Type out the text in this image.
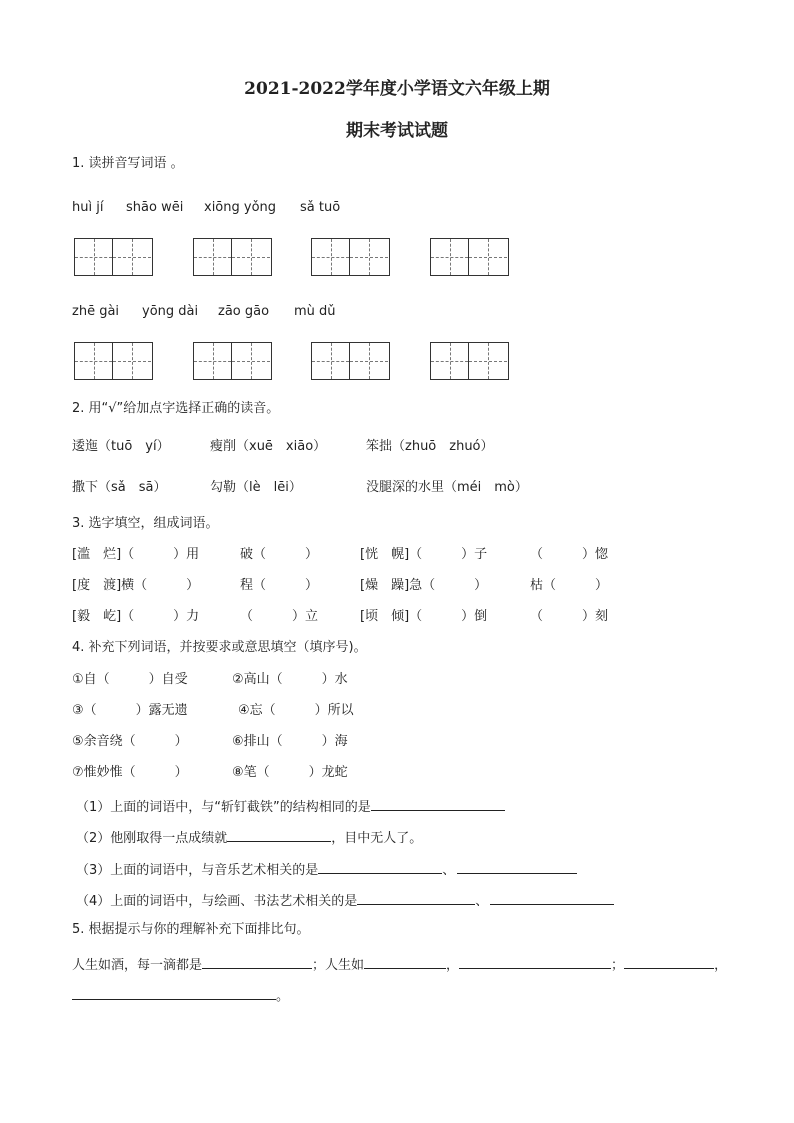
2021-2022学年度小学语文六年级上期
期末考试试题
1. 读拼音写词语 。
huì jí shāo wēi xiōng yǒng sǎ tuō
zhē gài yōng dài zāo gāo mù dǔ
2. 用“√”给加点字选择正确的读音。
逶迤（tuō　yí）	瘦削（xuē　xiāo）	笨拙（zhuō　zhuó）
撒下（sǎ　sā）	勾勒（lè　lēi）	没腿深的水里（méi　mò）
3. 选字填空，组成词语。
[滥　烂]（　　　）用	破（　　　）	[恍　幌]（　　　）子	（　　　）惚
[度　渡]横（　　　）	程（　　　）	[燥　躁]急（　　　）	枯（　　　）
[毅　屹]（　　　）力	（　　　）立	[顷　倾]（　　　）倒	（　　　）刻
4. 补充下列词语，并按要求或意思填空（填序号)。
①自（　　　）自受	②高山（　　　）水
③（　　　）露无遗	④忘（　　　）所以
⑤余音绕（　　　）	⑥排山（　　　）海
⑦惟妙惟（　　　）	⑧笔（　　　）龙蛇
（1）上面的词语中，与“斩钉截铁”的结构相同的是
（2）他刚取得一点成绩就	，目中无人了。
（3）上面的词语中，与音乐艺术相关的是	、
（4）上面的词语中，与绘画、书法艺术相关的是	、
5. 根据提示与你的理解补充下面排比句。
人生如酒，每一滴都是	；人生如	，	；	，
。
